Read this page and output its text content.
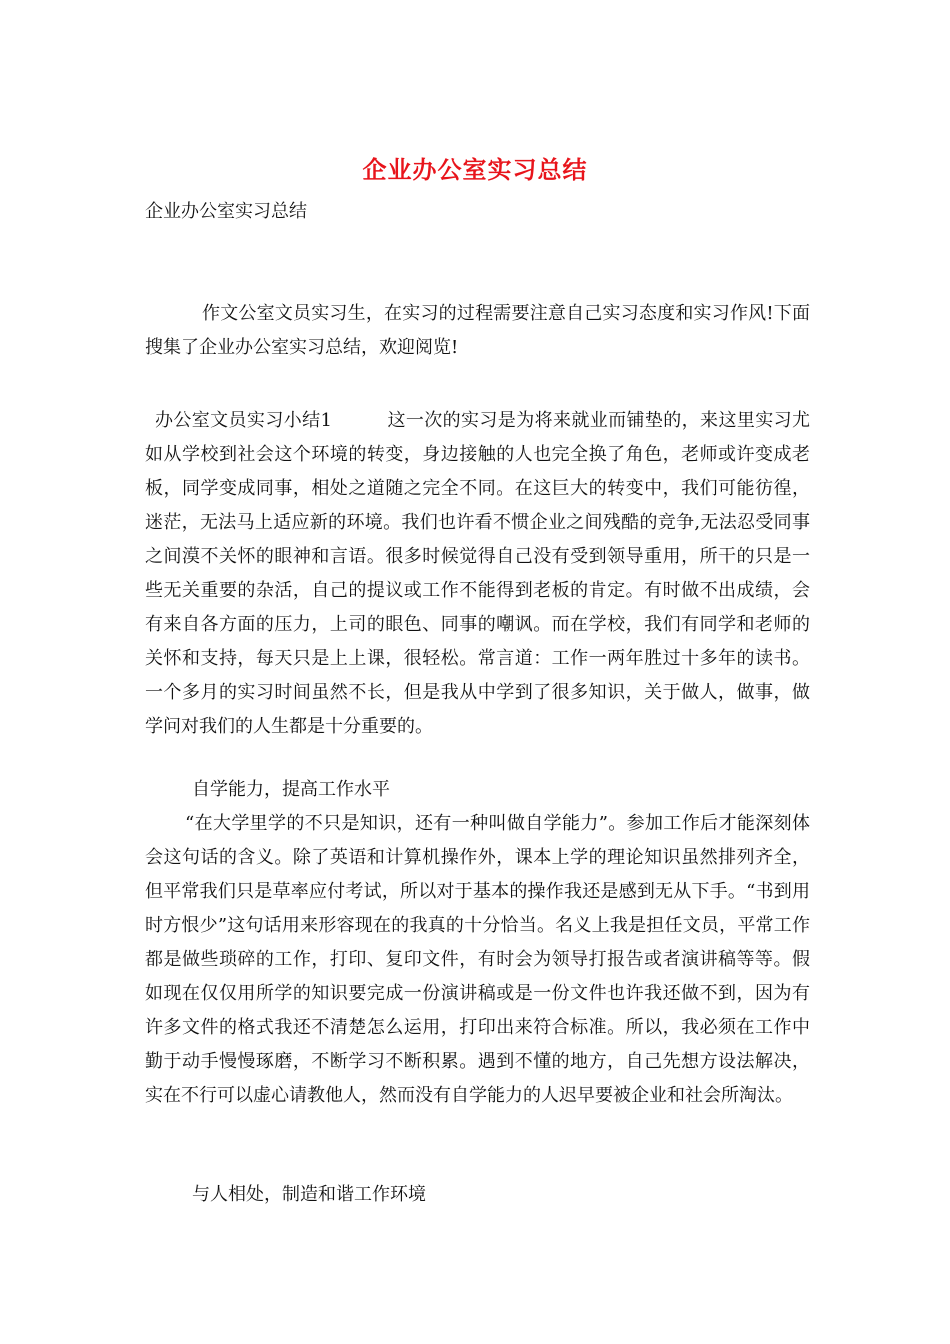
企业办公室实习总结
企业办公室实习总结

作文公室文员实习生，在实习的过程需要注意自己实习态度和实习作风!下面搜集了企业办公室实习总结，欢迎阅览!

办公室文员实习小结1　　　这一次的实习是为将来就业而铺垫的，来这里实习尤如从学校到社会这个环境的转变，身边接触的人也完全换了角色，老师或许变成老板，同学变成同事，相处之道随之完全不同。在这巨大的转变中，我们可能彷徨，迷茫，无法马上适应新的环境。我们也许看不惯企业之间残酷的竞争,无法忍受同事之间漠不关怀的眼神和言语。很多时候觉得自己没有受到领导重用，所干的只是一些无关重要的杂活，自己的提议或工作不能得到老板的肯定。有时做不出成绩，会有来自各方面的压力，上司的眼色、同事的嘲讽。而在学校，我们有同学和老师的关怀和支持，每天只是上上课，很轻松。常言道：工作一两年胜过十多年的读书。一个多月的实习时间虽然不长，但是我从中学到了很多知识，关于做人，做事，做学问对我们的人生都是十分重要的。
自学能力，提高工作水平
“在大学里学的不只是知识，还有一种叫做自学能力”。参加工作后才能深刻体会这句话的含义。除了英语和计算机操作外，课本上学的理论知识虽然排列齐全，但平常我们只是草率应付考试，所以对于基本的操作我还是感到无从下手。“书到用时方恨少”这句话用来形容现在的我真的十分恰当。名义上我是担任文员，平常工作都是做些琐碎的工作，打印、复印文件，有时会为领导打报告或者演讲稿等等。假如现在仅仅用所学的知识要完成一份演讲稿或是一份文件也许我还做不到，因为有许多文件的格式我还不清楚怎么运用，打印出来符合标准。所以，我必须在工作中勤于动手慢慢琢磨，不断学习不断积累。遇到不懂的地方，自己先想方设法解决，实在不行可以虚心请教他人，然而没有自学能力的人迟早要被企业和社会所淘汰。
与人相处，制造和谐工作环境
